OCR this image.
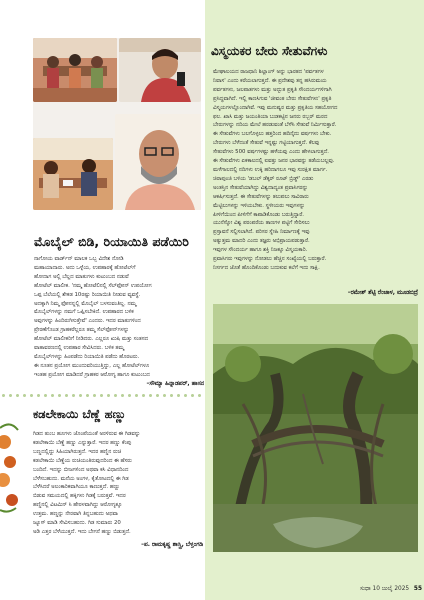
ಮೊಬೈಲ್ ಬಿಡಿ, ರಿಯಾಯಿತಿ ಪಡೆಯಿರಿ
ನಾಗೋಯ ವಾರ್ಡ್‌ನ್ ಮಾಲಕ ಒಬ್ಬ ವಿದೇಶ ನೋಡಿ
ಮಹಾಯಾದಾರು. ಅದು ಒಳ್ಳೆಯ, ಉಪಹಾರಕ್ಕೆ ಹೋಟೆಲ್‌ಗೆ
ಹೋದಾಗ ಅಲ್ಲಿ ಬೆಲ್ಲದ ಮಾತುಗಳು ಕುಟುಂಬದ ನಡುವೆ
ಹೋಟೆಲ್ ಮಾಲೀಕ. 'ನಮ್ಮ ಹೋಟೆಲಿನಲ್ಲಿ ಸೆಲ್‌ಫೋನ್ ಉಪಯೋಗ
ಒಪ್ಪ ಬೆಲೆಯಲ್ಲಿ ಶೇಕಡ 10ರಷ್ಟು ರಿಯಾಯಿತಿ ನೀಡುವ ವ್ಯವಸ್ಥೆ.
ಅದಕ್ಕಾಗಿ ನಿಮ್ಮ ಫೋನನ್ನಲ್ಲಿ ಮೊಬೈಲ್ ಬಳಸುವಂತಿಲ್ಲ. ನಮ್ಮ
ಮೊಬೈಲ್‌ಗಳನ್ನು ನಮಗೆ ಒಪ್ಪಿಸಬೇಕಿದೆ. ಉಪಹಾರದ ಬಳಿಕ
ಅವುಗಳನ್ನು ಹಿಂದಿರುಗಿಸುತ್ತೇವೆ' ಎಂದರು. ಇದರ ಮಾತುಗಳಿಂದ
ಪ್ರೇರಣೆಗೊಂಡ ಗ್ರಾಹಕರೆಲ್ಲರೂ ತಮ್ಮ ಸೆಲ್‌ಫೋನ್‌ಗಳನ್ನು
ಹೋಟೆಲ್ ಮಾಲೀಕರಿಗೆ ನೀಡಿದರು. ಎಲ್ಲರೂ ಖುಷಿ ಮತ್ತು ಸಂತಸದ
ವಾತಾವರಣದಲ್ಲಿ ಉಪಹಾರ ಸೇವಿಸಿದರು. ಬಳಿಕ ತಮ್ಮ
ಮೊಬೈಲ್‌ಗಳನ್ನು ಹಿಂಪಡೆದು ರಿಯಾಯಿತಿ ಪಡೆದು ಹೊರಟರು.
ಈ ನೂತನ ಪ್ರಯೋಗ ಮುಂದುವರಿಯುತ್ತಿದ್ದು, ಎಲ್ಲ ಹೋಟೆಲ್‌ಗಳೂ
ಇಂತಹ ಪ್ರಯೋಗ ಮಾಡಿದರೆ ಗ್ರಾಹಕರ ಆರೋಗ್ಯ ಹಾಗೂ ಕುಟುಂಬದ
–ಸೌಮ್ಯಾ ಹಿನ್ನಾಡಪರ್, ಹಾಸನ
ಕಡಲೇಕಾಯಿ ಬೆಣ್ಣೆ ಹಣ್ಣು
ಗಿಡದ ತುಂಬ ಹೂಗಳು ಜೊಂಪೆಯಂತೆ ಅರಳಿರುವ ಈ ಗಿಡವನ್ನು
ಕಡಲೇಕಾಯಿ ಬೆಣ್ಣೆ ಹಣ್ಣು ಎನ್ನುತ್ತಾರೆ. ಇದರ ಹಣ್ಣು ಕೆಂಪು
ಬಣ್ಣದಲ್ಲಿದ್ದು ಸಿಹಿಯಾಗಿರುತ್ತದೆ. ಇದರ ಹಣ್ಣಿನ ರುಚಿ
ಕಡಲೇಕಾಯಿ ಬೆಣ್ಣೆಯ ರುಚಿಯಂತಿರುವುದರಿಂದ ಈ ಹೆಸರು
ಬಂದಿದೆ. ಇದನ್ನು ಬೀಜಗಳಿಂದ ಅಥವಾ ಕಸಿ ವಿಧಾನದಿಂದ
ಬೆಳೆಸಬಹುದು. ಮನೆಯ ಅಂಗಳ, ಕೈತೋಟದಲ್ಲಿ ಈ ಗಿಡ
ಬೆಳೆಸಿದರೆ ಅಲಂಕಾರಿಕವಾಗಿಯೂ ಕಾಣುತ್ತದೆ. ಹಣ್ಣು
ಬಿಡುವ ಸಮಯದಲ್ಲಿ ಹಕ್ಕಿಗಳು ಗಿಡಕ್ಕೆ ಬರುತ್ತವೆ. ಇದರ
ಹಣ್ಣಿನಲ್ಲಿ ವಿಟಮಿನ್ ಸಿ ಹೇರಳವಾಗಿದ್ದು ಆರೋಗ್ಯಕ್ಕೂ
ಉತ್ತಮ. ಹಣ್ಣನ್ನು ನೇರವಾಗಿ ತಿನ್ನಬಹುದು ಅಥವಾ
ಜ್ಯೂಸ್ ಮಾಡಿ ಸೇವಿಸಬಹುದು. ಗಿಡ ಸುಮಾರು 20
ಅಡಿ ಎತ್ತರ ಬೆಳೆಯುತ್ತದೆ. ಇದು ಬೇಗನೆ ಹಣ್ಣು ಬಿಡುತ್ತದೆ.
–ಪ. ರಾಮಕೃಷ್ಣ ಶಾಸ್ತ್ರಿ, ಬೆಳ್ತಂಗಡಿ
ವಿಸ್ಮಯಕರ ಬೇರು ಸೇತುವೆಗಳು
ಮೇಘಾಲಯದ ರಾಜಧಾನಿ ಶಿಲ್ಲಾಂಗ್ ಅನ್ನು ಭಾರತದ 'ಪರ್ವತಗಳ
ನಿವಾಸ' ಎಂದು ಕರೆಯಲಾಗುತ್ತದೆ. ಈ ಪ್ರದೇಶವು ತನ್ನ ಹಸಿರುಮಯ
ಪರ್ವತಗಳು, ಜಲಪಾತಗಳು ಮತ್ತು ಅದ್ಭುತ ಪ್ರಕೃತಿ ಸೌಂದರ್ಯಗಳಿಗಾಗಿ
ಪ್ರಸಿದ್ಧವಾಗಿದೆ. ಇಲ್ಲಿ ಕಾಣಸಿಗುವ 'ಜೀವಂತ ಬೇರು ಸೇತುವೆಗಳು' ಪ್ರಕೃತಿ
ವಿಸ್ಮಯಗಳಲ್ಲೊಂದಾಗಿವೆ. ಇವು ಮನುಷ್ಯರ ಮತ್ತು ಪ್ರಕೃತಿಯ ಸಹಯೋಗದ
ಫಲ. ಖಾಸಿ ಮತ್ತು ಜಯಂತಿಯಾ ಬುಡಕಟ್ಟಿನ ಜನರು ರಬ್ಬರ್ ಮರದ
ಬೇರುಗಳನ್ನು ನದಿಯ ಮೇಲೆ ಹರಡುವಂತೆ ಬೆಳೆಸಿ ಸೇತುವೆ ನಿರ್ಮಿಸುತ್ತಾರೆ.
ಈ ಸೇತುವೆಗಳು ಬಲಗೊಳ್ಳಲು ಹತ್ತರಿಂದ ಹದಿನೈದು ವರ್ಷಗಳು ಬೇಕು.
ಬೇರುಗಳು ಬೆಳೆದಂತೆ ಸೇತುವೆ ಇನ್ನಷ್ಟು ಗಟ್ಟಿಯಾಗುತ್ತದೆ. ಕೆಲವು
ಸೇತುವೆಗಳು 500 ವರ್ಷಗಳಷ್ಟು ಹಳೆಯವು ಎಂದು ಹೇಳಲಾಗುತ್ತದೆ.
ಈ ಸೇತುವೆಗಳು ಏಕಕಾಲದಲ್ಲಿ ಐವತ್ತು ಜನರ ಭಾರವನ್ನು ತಡೆಯಬಲ್ಲವು.
ಮಳೆಗಾಲದಲ್ಲಿ ನದಿಗಳು ಉಕ್ಕಿ ಹರಿದಾಗಲೂ ಇವು ಸುರಕ್ಷಿತ ಮಾರ್ಗ.
ಚಿರಾಪುಂಜಿ ಬಳಿಯ 'ಡಬಲ್ ಡೆಕ್ಕರ್ ರೂಟ್ ಬ್ರಿಡ್ಜ್' ಎರಡು
ಅಂತಸ್ತಿನ ಸೇತುವೆಯಾಗಿದ್ದು ವಿಶ್ವದಾದ್ಯಂತ ಪ್ರವಾಸಿಗರನ್ನು
ಆಕರ್ಷಿಸುತ್ತದೆ. ಈ ಸೇತುವೆಗಳನ್ನು ತಲುಪಲು ಸಾವಿರಾರು
ಮೆಟ್ಟಿಲುಗಳನ್ನು ಇಳಿಯಬೇಕು. ಸ್ಥಳೀಯರು ಇವುಗಳನ್ನು
ಪೀಳಿಗೆಯಿಂದ ಪೀಳಿಗೆಗೆ ಕಾಪಾಡಿಕೊಂಡು ಬರುತ್ತಿದ್ದಾರೆ.
ಯುನೆಸ್ಕೋ ವಿಶ್ವ ಪರಂಪರೆಯ ತಾಣಗಳ ಪಟ್ಟಿಗೆ ಸೇರಿಸಲು
ಪ್ರಸ್ತಾವನೆ ಸಲ್ಲಿಸಲಾಗಿದೆ. ಪರಿಸರ ಸ್ನೇಹಿ ನಿರ್ಮಾಣಕ್ಕೆ ಇವು
ಅತ್ಯುತ್ತಮ ಮಾದರಿ ಎಂದು ತಜ್ಞರು ಅಭಿಪ್ರಾಯಪಡುತ್ತಾರೆ.
ಇವುಗಳ ಸೌಂದರ್ಯ ಹಾಗೂ ಶಕ್ತಿ ನಿಜಕ್ಕೂ ವಿಸ್ಮಯಕಾರಿ.
ಪ್ರವಾಸಿಗರು ಇವುಗಳನ್ನು ನೋಡಲು ಹೆಚ್ಚಿನ ಸಂಖ್ಯೆಯಲ್ಲಿ ಬರುತ್ತಾರೆ.
ನಿಸರ್ಗದ ಜೊತೆ ಹೊಂದಿಕೊಂಡು ಬದುಕುವ ಕಲೆಗೆ ಇದು ಸಾಕ್ಷಿ.
–ರಮೇಶ್ ಶೆಟ್ಟಿ ರೆಂಜಾಳ, ಮೂಡಬಿದ್ರೆ
ಸುಧಾ 10 ಜುಲೈ 2025 55
